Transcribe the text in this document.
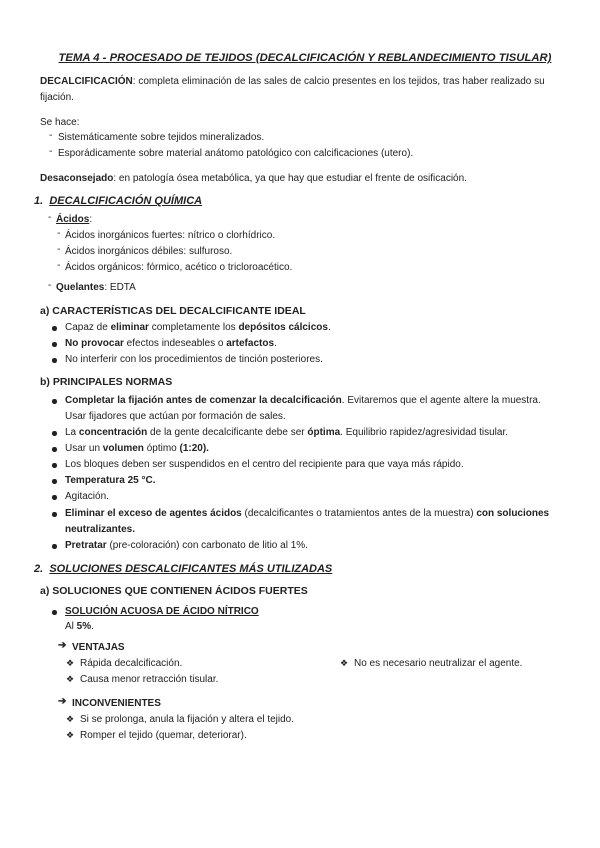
TEMA 4 - PROCESADO DE TEJIDOS (DECALCIFICACIÓN Y REBLANDECIMIENTO TISULAR)

DECALCIFICACIÓN: completa eliminación de las sales de calcio presentes en los tejidos, tras haber realizado su
fijación.

Se hace:
- Sistemáticamente sobre tejidos mineralizados.
- Esporádicamente sobre material anátomo patológico con calcificaciones (utero).

Desaconsejado: en patología ósea metabólica, ya que hay que estudiar el frente de osificación.

1. DECALCIFICACIÓN QUÍMICA
- Ácidos:
- Ácidos inorgánicos fuertes: nítrico o clorhídrico.
- Ácidos inorgánicos débiles: sulfuroso.
- Ácidos orgánicos: fórmico, acético o tricloroacético.
- Quelantes: EDTA
a) CARACTERÍSTICAS DEL DECALCIFICANTE IDEAL
Capaz de eliminar completamente los depósitos cálcicos.
No provocar efectos indeseables o artefactos.
No interferir con los procedimientos de tinción posteriores.
b) PRINCIPALES NORMAS
Completar la fijación antes de comenzar la decalcificación. Evitaremos que el agente altere la muestra.
Usar fijadores que actúan por formación de sales.
La concentración de la gente decalcificante debe ser óptima. Equilibrio rapidez/agresividad tisular.
Usar un volumen óptimo (1:20).
Los bloques deben ser suspendidos en el centro del recipiente para que vaya más rápido.
Temperatura 25 °C.
Agitación.
Eliminar el exceso de agentes ácidos (decalcificantes o tratamientos antes de la muestra) con soluciones
neutralizantes.
Pretratar (pre-coloración) con carbonato de litio al 1%.
2. SOLUCIONES DESCALCIFICANTES MÁS UTILIZADAS
a) SOLUCIONES QUE CONTIENEN ÁCIDOS FUERTES
SOLUCIÓN ACUOSA DE ÁCIDO NÍTRICO
Al 5%.
➔ VENTAJAS
❖ Rápida decalcificación.
❖ Causa menor retracción tisular.
❖ No es necesario neutralizar el agente.
➔ INCONVENIENTES
❖ Si se prolonga, anula la fijación y altera el tejido.
❖ Romper el tejido (quemar, deteriorar).
